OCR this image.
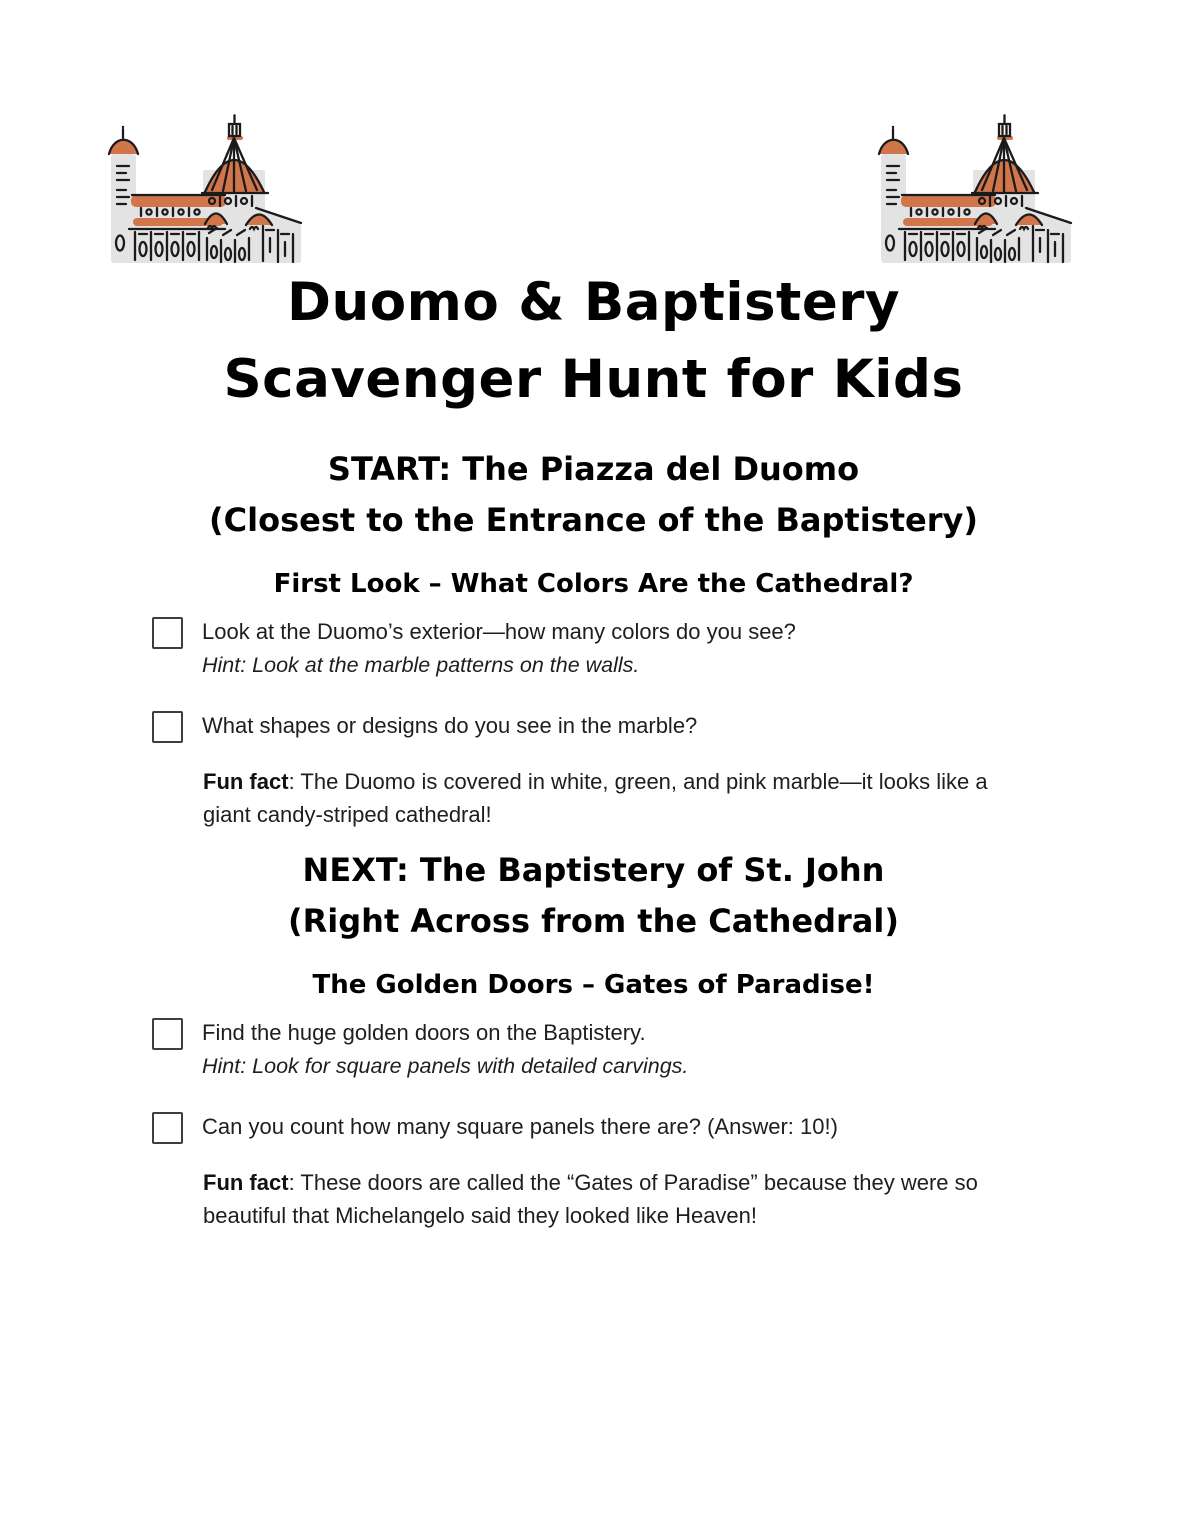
Duomo & Baptistery
Scavenger Hunt for Kids
START: The Piazza del Duomo
(Closest to the Entrance of the Baptistery)
First Look – What Colors Are the Cathedral?

Look at the Duomo’s exterior—how many colors do you see?

Hint: Look at the marble patterns on the walls.

What shapes or designs do you see in the marble?

Fun fact: The Duomo is covered in white, green, and pink marble—it looks like a giant candy-striped cathedral!

NEXT: The Baptistery of St. John
(Right Across from the Cathedral)
The Golden Doors – Gates of Paradise!

Find the huge golden doors on the Baptistery.

Hint: Look for square panels with detailed carvings.

Can you count how many square panels there are? (Answer: 10!)

Fun fact: These doors are called the “Gates of Paradise” because they were so beautiful that Michelangelo said they looked like Heaven!
